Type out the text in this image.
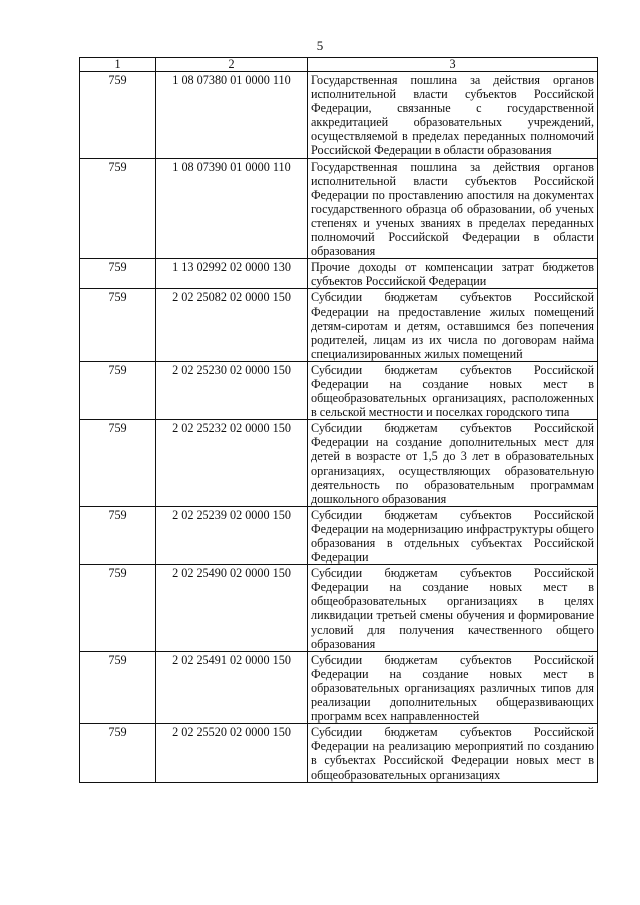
5
1	2	3
759	1 08 07380 01 0000 110	Государственная пошлина за действия органов исполнительной власти субъектов Российской Федерации, связанные с государственной аккредитацией образовательных учреждений, осуществляемой в пределах переданных полномочий Российской Федерации в области образования
759	1 08 07390 01 0000 110	Государственная пошлина за действия органов исполнительной власти субъектов Российской Федерации по проставлению апостиля на документах государственного образца об образовании, об ученых степенях и ученых званиях в пределах переданных полномочий Российской Федерации в области образования
759	1 13 02992 02 0000 130	Прочие доходы от компенсации затрат бюджетов субъектов Российской Федерации
759	2 02 25082 02 0000 150	Субсидии бюджетам субъектов Российской Федерации на предоставление жилых помещений детям-сиротам и детям, оставшимся без попечения родителей, лицам из их числа по договорам найма специализированных жилых помещений
759	2 02 25230 02 0000 150	Субсидии бюджетам субъектов Российской Федерации на создание новых мест в общеобразовательных организациях, расположенных в сельской местности и поселках городского типа
759	2 02 25232 02 0000 150	Субсидии бюджетам субъектов Российской Федерации на создание дополнительных мест для детей в возрасте от 1,5 до 3 лет в образовательных организациях, осуществляющих образовательную деятельность по образовательным программам дошкольного образования
759	2 02 25239 02 0000 150	Субсидии бюджетам субъектов Российской Федерации на модернизацию инфраструктуры общего образования в отдельных субъектах Российской Федерации
759	2 02 25490 02 0000 150	Субсидии бюджетам субъектов Российской Федерации на создание новых мест в общеобразовательных организациях в целях ликвидации третьей смены обучения и формирование условий для получения качественного общего образования
759	2 02 25491 02 0000 150	Субсидии бюджетам субъектов Российской Федерации на создание новых мест в образовательных организациях различных типов для реализации дополнительных общеразвивающих программ всех направленностей
759	2 02 25520 02 0000 150	Субсидии бюджетам субъектов Российской Федерации на реализацию мероприятий по созданию в субъектах Российской Федерации новых мест в общеобразовательных организациях
